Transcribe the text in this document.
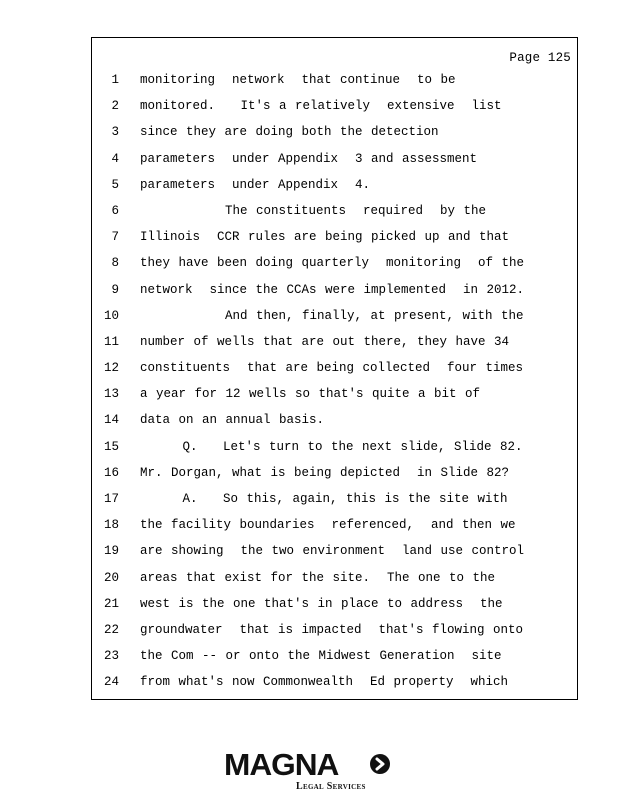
Page 125
1 monitoring  network  that continue  to be
2 monitored.   It's a relatively  extensive  list
3 since they are doing both the detection
4 parameters  under Appendix  3 and assessment
5 parameters  under Appendix  4.
6 The constituents  required  by the
7 Illinois  CCR rules are being picked up and that
8 they have been doing quarterly  monitoring  of the
9 network  since the CCAs were implemented  in 2012.
10 And then, finally, at present, with the
11 number of wells that are out there, they have 34
12 constituents  that are being collected  four times
13 a year for 12 wells so that's quite a bit of
14 data on an annual basis.
15 Q.   Let's turn to the next slide, Slide 82.
16 Mr. Dorgan, what is being depicted  in Slide 82?
17 A.   So this, again, this is the site with
18 the facility boundaries  referenced,  and then we
19 are showing  the two environment  land use control
20 areas that exist for the site.  The one to the
21 west is the one that's in place to address  the
22 groundwater  that is impacted  that's flowing onto
23 the Com -- or onto the Midwest Generation  site
24 from what's now Commonwealth  Ed property  which
MAGNA
Legal Services
